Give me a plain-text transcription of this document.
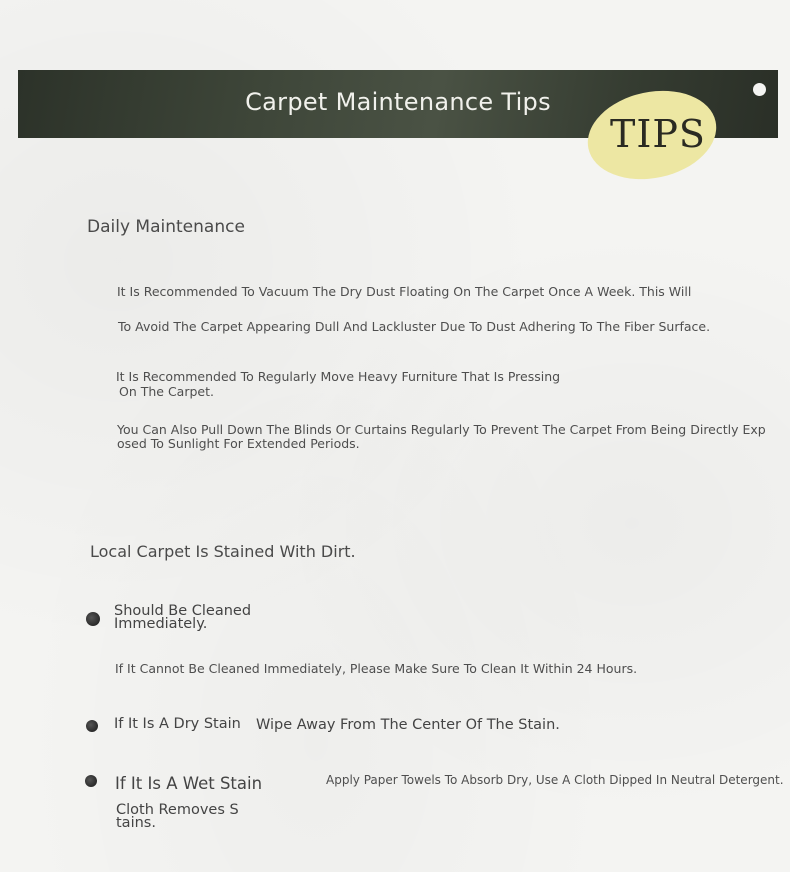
Carpet Maintenance Tips
TIPS
Daily Maintenance
It Is Recommended To Vacuum The Dry Dust Floating On The Carpet Once A Week. This Will
To Avoid The Carpet Appearing Dull And Lackluster Due To Dust Adhering To The Fiber Surface.
It Is Recommended To Regularly Move Heavy Furniture That Is Pressing
On The Carpet.
You Can Also Pull Down The Blinds Or Curtains Regularly To Prevent The Carpet From Being Directly Exp
osed To Sunlight For Extended Periods.
Local Carpet Is Stained With Dirt.
Should Be Cleaned
Immediately.
If It Cannot Be Cleaned Immediately, Please Make Sure To Clean It Within 24 Hours.
If It Is A Dry Stain Wipe Away From The Center Of The Stain.
If It Is A Wet Stain	Apply Paper Towels To Absorb Dry, Use A Cloth Dipped In Neutral Detergent.
Cloth Removes S
tains.
